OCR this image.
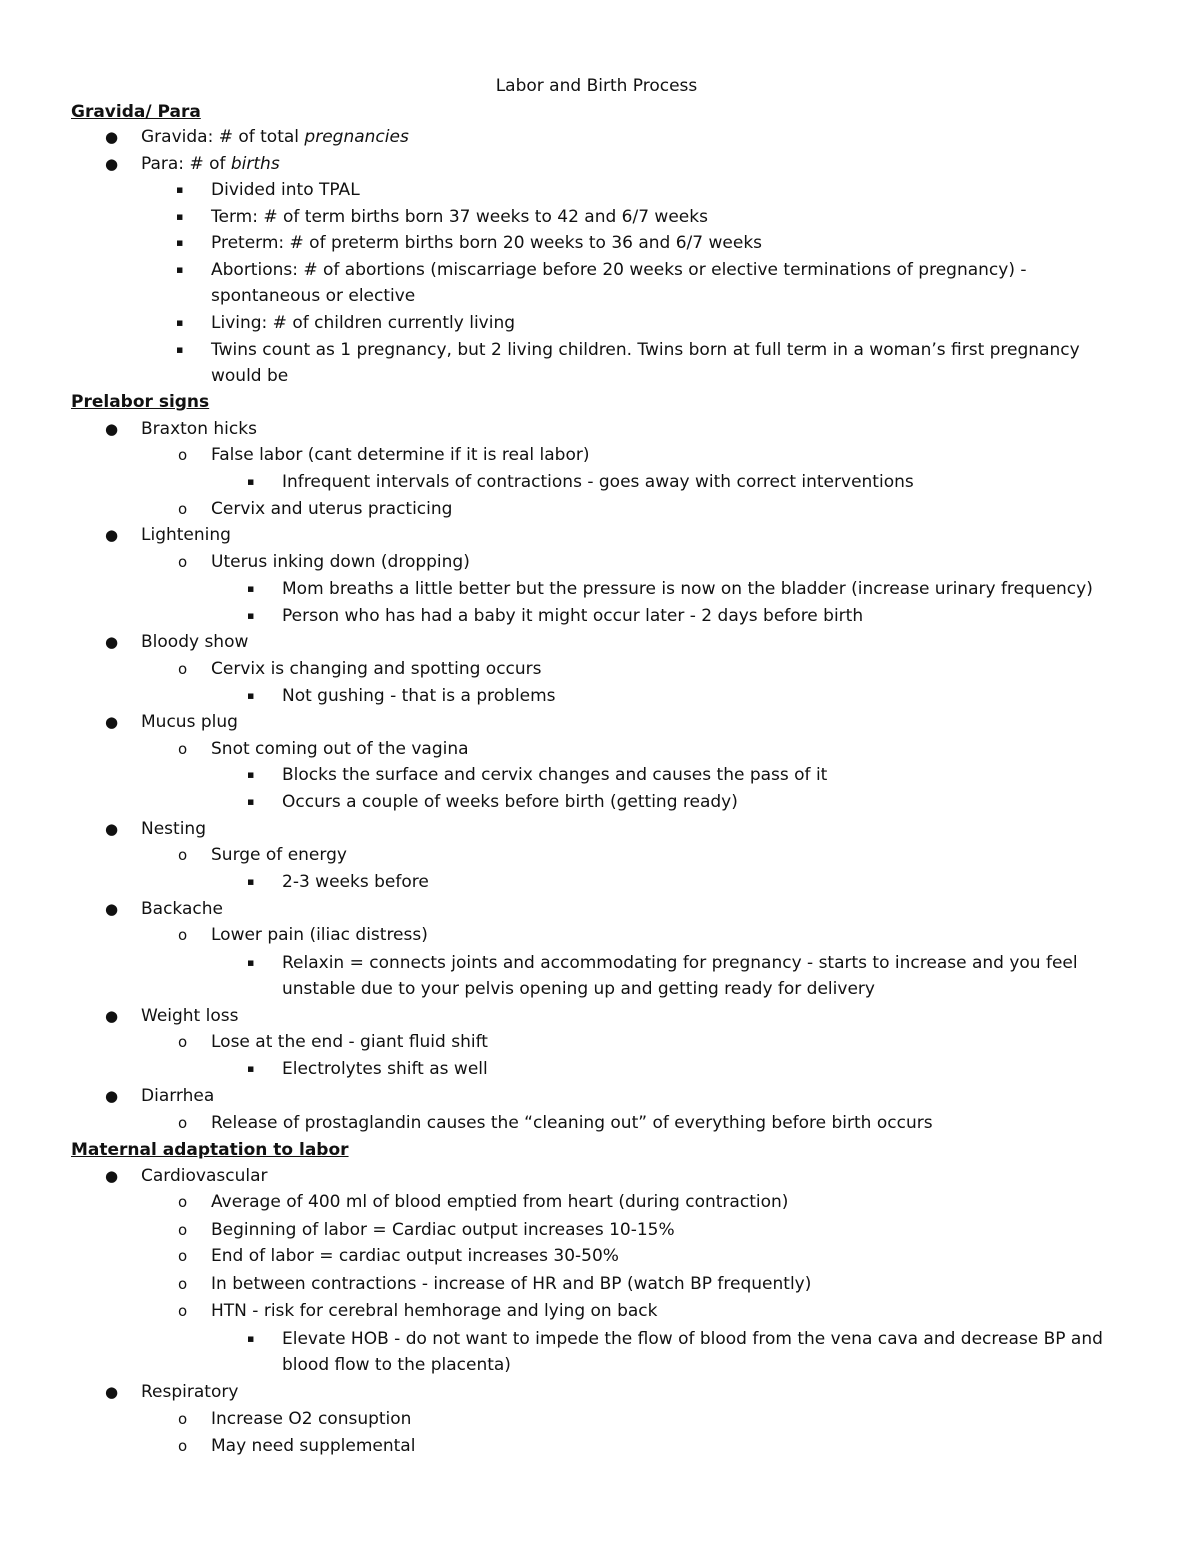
Labor and Birth Process
Gravida/ Para
● Gravida: # of total pregnancies
● Para: # of births
▪ Divided into TPAL
▪ Term: # of term births born 37 weeks to 42 and 6/7 weeks
▪ Preterm: # of preterm births born 20 weeks to 36 and 6/7 weeks
▪ Abortions: # of abortions (miscarriage before 20 weeks or elective terminations of pregnancy) -
spontaneous or elective
▪ Living: # of children currently living
▪ Twins count as 1 pregnancy, but 2 living children. Twins born at full term in a woman’s first pregnancy
would be
Prelabor signs
● Braxton hicks
o False labor (cant determine if it is real labor)
▪ Infrequent intervals of contractions - goes away with correct interventions
o Cervix and uterus practicing
● Lightening
o Uterus inking down (dropping)
▪ Mom breaths a little better but the pressure is now on the bladder (increase urinary frequency)
▪ Person who has had a baby it might occur later - 2 days before birth
● Bloody show
o Cervix is changing and spotting occurs
▪ Not gushing - that is a problems
● Mucus plug
o Snot coming out of the vagina
▪ Blocks the surface and cervix changes and causes the pass of it
▪ Occurs a couple of weeks before birth (getting ready)
● Nesting
o Surge of energy
▪ 2-3 weeks before
● Backache
o Lower pain (iliac distress)
▪ Relaxin = connects joints and accommodating for pregnancy - starts to increase and you feel
unstable due to your pelvis opening up and getting ready for delivery
● Weight loss
o Lose at the end - giant fluid shift
▪ Electrolytes shift as well
● Diarrhea
o Release of prostaglandin causes the “cleaning out” of everything before birth occurs
Maternal adaptation to labor
● Cardiovascular
o Average of 400 ml of blood emptied from heart (during contraction)
o Beginning of labor = Cardiac output increases 10-15%
o End of labor = cardiac output increases 30-50%
o In between contractions - increase of HR and BP (watch BP frequently)
o HTN - risk for cerebral hemhorage and lying on back
▪ Elevate HOB - do not want to impede the flow of blood from the vena cava and decrease BP and
blood flow to the placenta)
● Respiratory
o Increase O2 consuption
o May need supplemental
